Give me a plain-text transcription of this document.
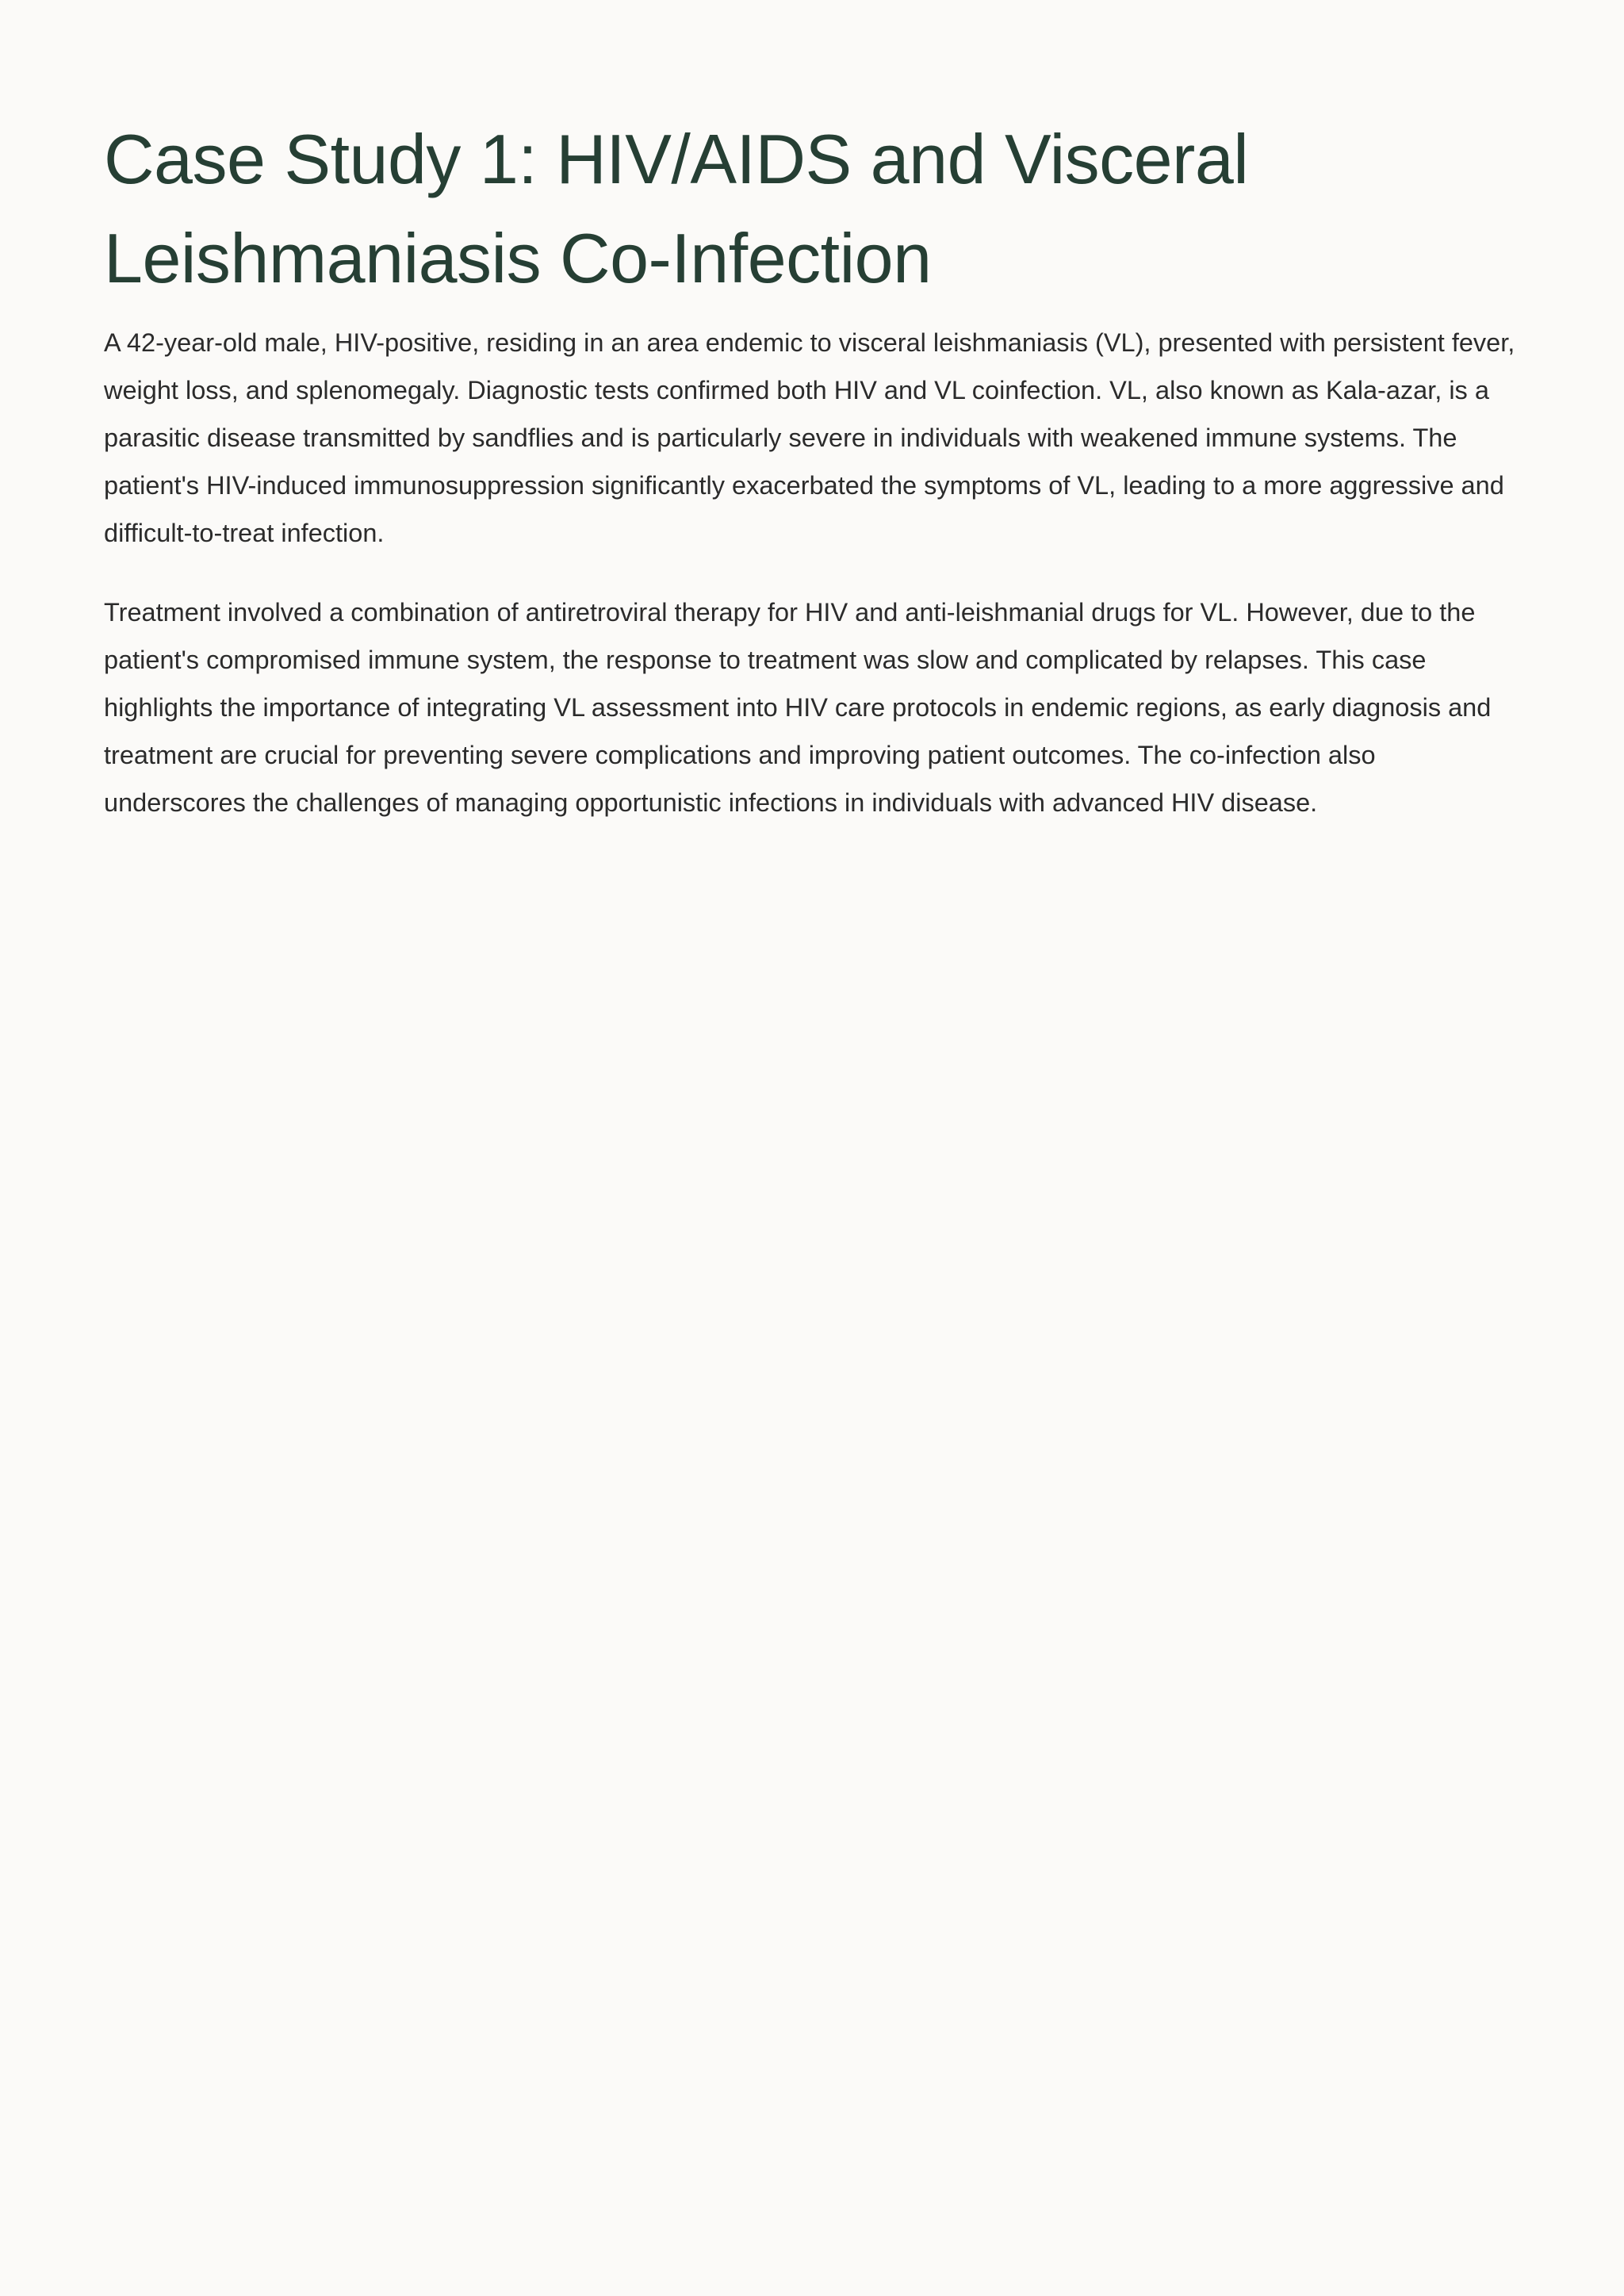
Case Study 1: HIV/AIDS and Visceral Leishmaniasis Co-Infection

A 42-year-old male, HIV-positive, residing in an area endemic to visceral leishmaniasis (VL), presented with persistent fever, weight loss, and splenomegaly. Diagnostic tests confirmed both HIV and VL coinfection. VL, also known as Kala-azar, is a parasitic disease transmitted by sandflies and is particularly severe in individuals with weakened immune systems. The patient's HIV-induced immunosuppression significantly exacerbated the symptoms of VL, leading to a more aggressive and difficult-to-treat infection.

Treatment involved a combination of antiretroviral therapy for HIV and anti-leishmanial drugs for VL. However, due to the patient's compromised immune system, the response to treatment was slow and complicated by relapses. This case highlights the importance of integrating VL assessment into HIV care protocols in endemic regions, as early diagnosis and treatment are crucial for preventing severe complications and improving patient outcomes. The co-infection also underscores the challenges of managing opportunistic infections in individuals with advanced HIV disease.
